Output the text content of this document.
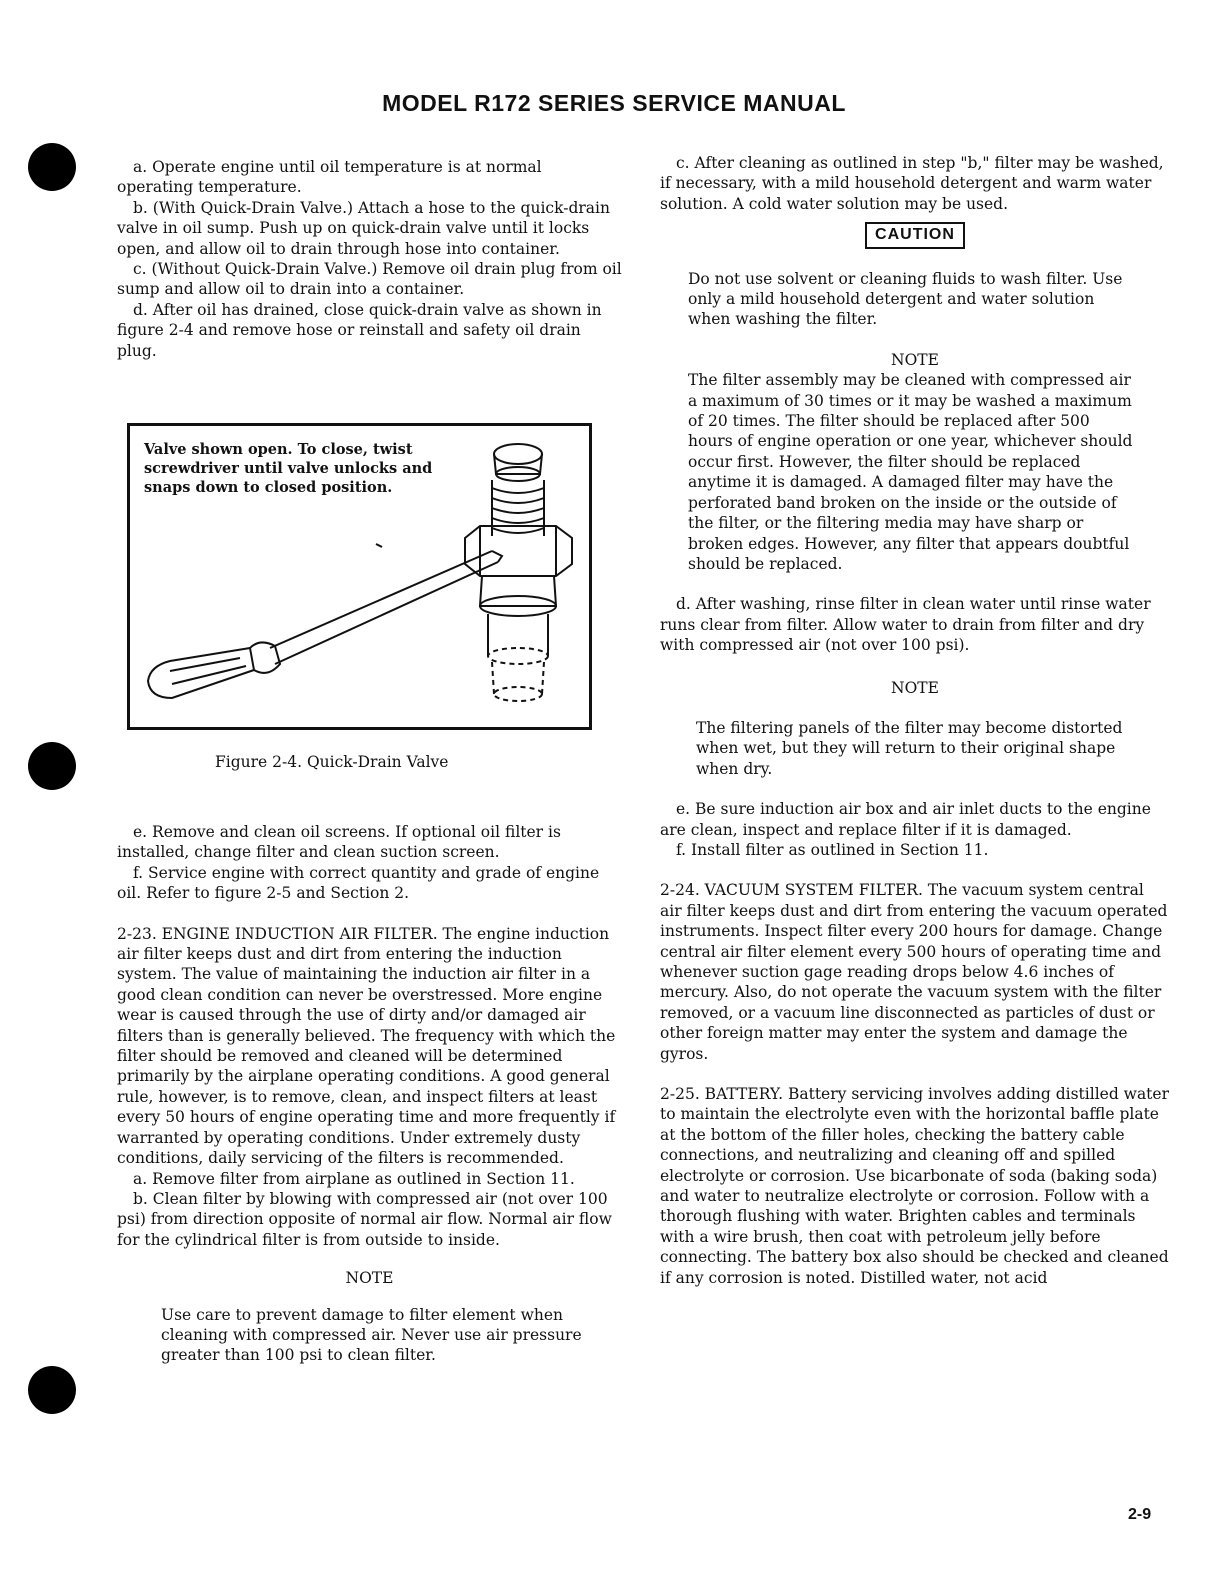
MODEL R172 SERIES SERVICE MANUAL

a. Operate engine until oil temperature is at normal operating temperature.

b. (With Quick-Drain Valve.) Attach a hose to the quick-drain valve in oil sump. Push up on quick-drain valve until it locks open, and allow oil to drain through hose into container.

c. (Without Quick-Drain Valve.) Remove oil drain plug from oil sump and allow oil to drain into a container.

d. After oil has drained, close quick-drain valve as shown in figure 2-4 and remove hose or reinstall and safety oil drain plug.

Valve shown open. To close, twist screwdriver until valve unlocks and snaps down to closed position.
Figure 2-4. Quick-Drain Valve

e. Remove and clean oil screens. If optional oil filter is installed, change filter and clean suction screen.

f. Service engine with correct quantity and grade of engine oil. Refer to figure 2-5 and Section 2.

2-23. ENGINE INDUCTION AIR FILTER. The engine induction air filter keeps dust and dirt from entering the induction system. The value of maintaining the induction air filter in a good clean condition can never be overstressed. More engine wear is caused through the use of dirty and/or damaged air filters than is generally believed. The frequency with which the filter should be removed and cleaned will be determined primarily by the airplane operating conditions. A good general rule, however, is to remove, clean, and inspect filters at least every 50 hours of engine operating time and more frequently if warranted by operating conditions. Under extremely dusty conditions, daily servicing of the filters is recommended.

a. Remove filter from airplane as outlined in Section 11.

b. Clean filter by blowing with compressed air (not over 100 psi) from direction opposite of normal air flow. Normal air flow for the cylindrical filter is from outside to inside.

NOTE

Use care to prevent damage to filter element when cleaning with compressed air. Never use air pressure greater than 100 psi to clean filter.

c. After cleaning as outlined in step "b," filter may be washed, if necessary, with a mild household detergent and warm water solution. A cold water solution may be used.

CAUTION

Do not use solvent or cleaning fluids to wash filter. Use only a mild household detergent and water solution when washing the filter.

NOTE

The filter assembly may be cleaned with compressed air a maximum of 30 times or it may be washed a maximum of 20 times. The filter should be replaced after 500 hours of engine operation or one year, whichever should occur first. However, the filter should be replaced anytime it is damaged. A damaged filter may have the perforated band broken on the inside or the outside of the filter, or the filtering media may have sharp or broken edges. However, any filter that appears doubtful should be replaced.

d. After washing, rinse filter in clean water until rinse water runs clear from filter. Allow water to drain from filter and dry with compressed air (not over 100 psi).

NOTE

The filtering panels of the filter may become distorted when wet, but they will return to their original shape when dry.

e. Be sure induction air box and air inlet ducts to the engine are clean, inspect and replace filter if it is damaged.

f. Install filter as outlined in Section 11.

2-24. VACUUM SYSTEM FILTER. The vacuum system central air filter keeps dust and dirt from entering the vacuum operated instruments. Inspect filter every 200 hours for damage. Change central air filter element every 500 hours of operating time and whenever suction gage reading drops below 4.6 inches of mercury. Also, do not operate the vacuum system with the filter removed, or a vacuum line disconnected as particles of dust or other foreign matter may enter the system and damage the gyros.

2-25. BATTERY. Battery servicing involves adding distilled water to maintain the electrolyte even with the horizontal baffle plate at the bottom of the filler holes, checking the battery cable connections, and neutralizing and cleaning off and spilled electrolyte or corrosion. Use bicarbonate of soda (baking soda) and water to neutralize electrolyte or corrosion. Follow with a thorough flushing with water. Brighten cables and terminals with a wire brush, then coat with petroleum jelly before connecting. The battery box also should be checked and cleaned if any corrosion is noted. Distilled water, not acid

2-9
